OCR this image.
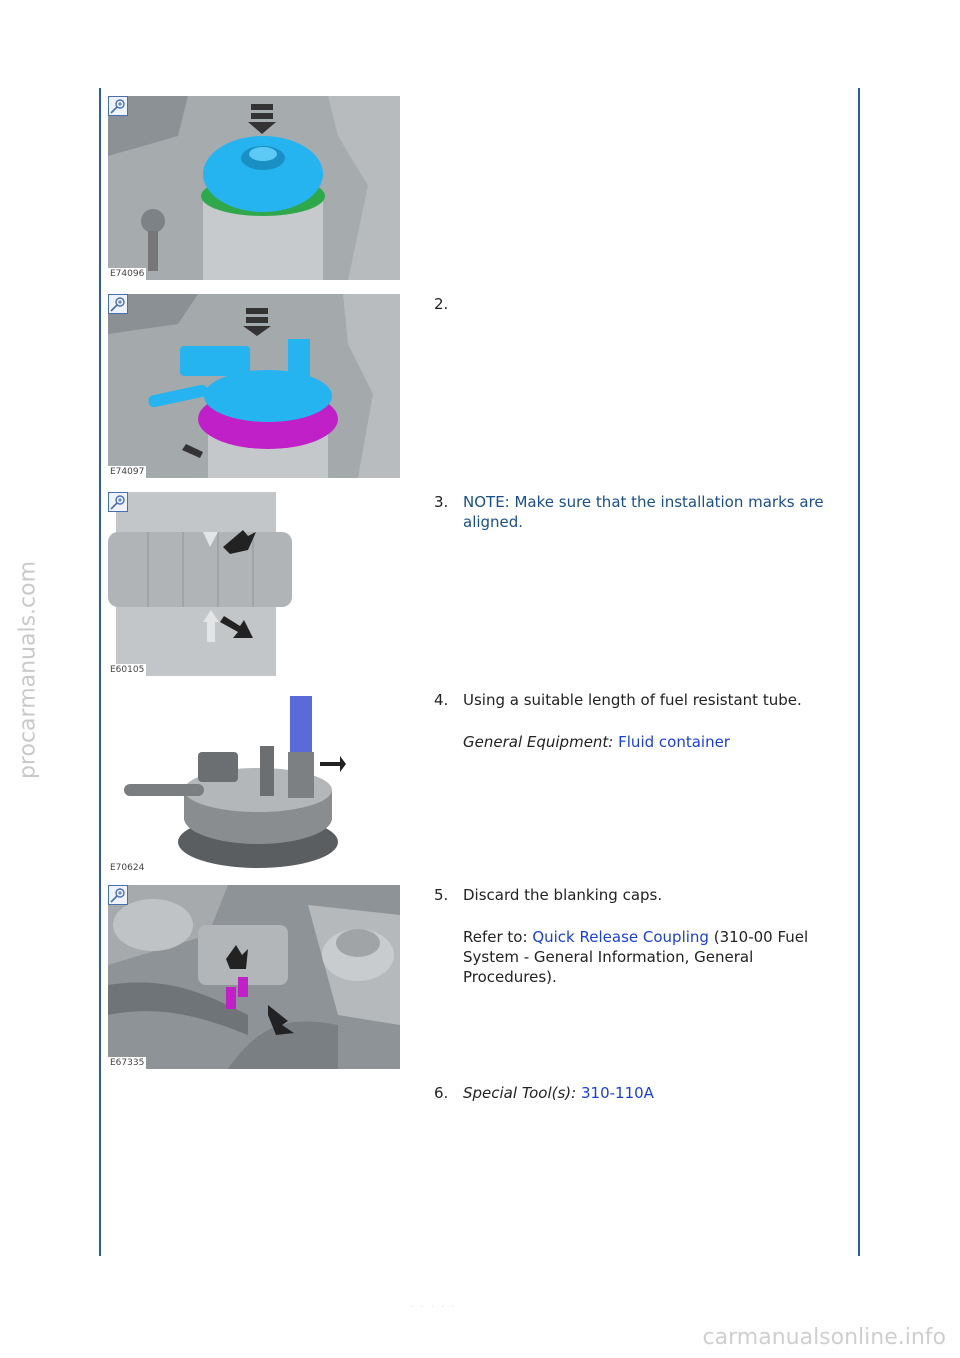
procarmanuals.com
carmanualsonline.info
· · · · ·
E74096
E74097
2.
E60105
3. NOTE: Make sure that the installation marks are aligned.
E70624
4. Using a suitable length of fuel resistant tube.
General Equipment: Fluid container
E67335
5. Discard the blanking caps.
Refer to: Quick Release Coupling (310-00 Fuel System - General Information, General Procedures).
6. Special Tool(s): 310-110A
